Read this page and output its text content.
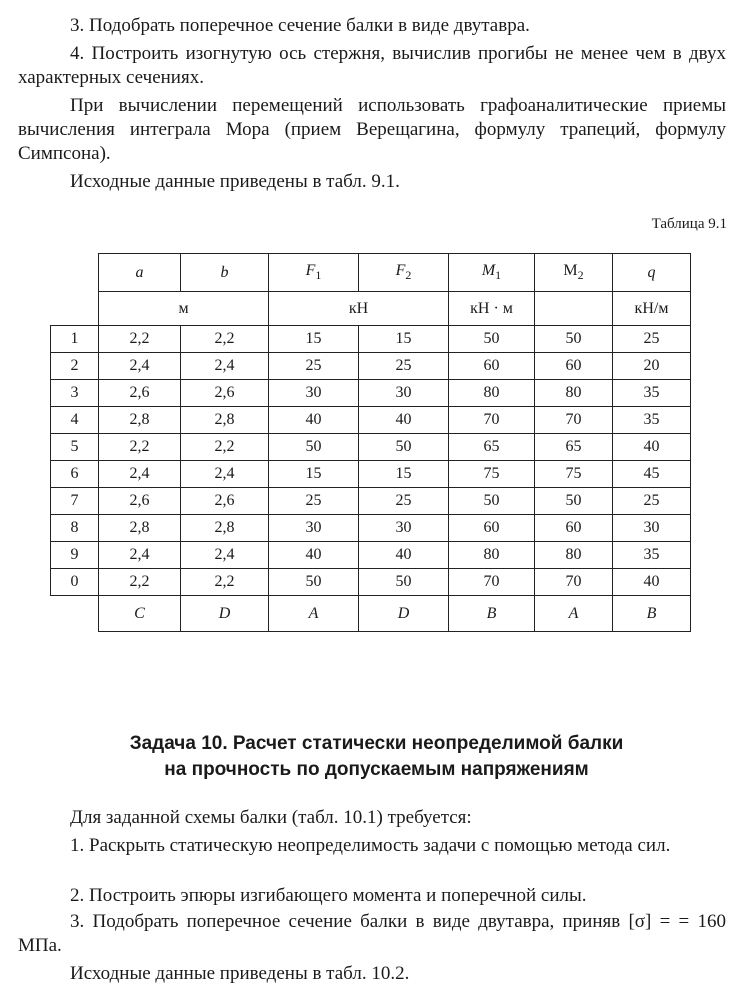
3. Подобрать поперечное сечение балки в виде двутавра.

4. Построить изогнутую ось стержня, вычислив прогибы не менее чем в двух характерных сечениях.

При вычислении перемещений использовать графоаналитические приемы вычисления интеграла Мора (прием Верещагина, формулу трапеций, формулу Симпсона).

Исходные данные приведены в табл. 9.1.

Таблица 9.1

	a	b	$F_1$	$F_2$	$M_1$	$M_2$	q
	м		кН		кН · м		кН/м
1	2,2	2,2	15	15	50	50	25
2	2,4	2,4	25	25	60	60	20
3	2,6	2,6	30	30	80	80	35
4	2,8	2,8	40	40	70	70	35
5	2,2	2,2	50	50	65	65	40
6	2,4	2,4	15	15	75	75	45
7	2,6	2,6	25	25	50	50	25
8	2,8	2,8	30	30	60	60	30
9	2,4	2,4	40	40	80	80	35
0	2,2	2,2	50	50	70	70	40
	C	D	A	D	B	A	B
Задача 10. Расчет статически неопределимой балки
на прочность по допускаемым напряжениям

Для заданной схемы балки (табл. 10.1) требуется:

1. Раскрыть статическую неопределимость задачи с помощью метода сил.

2. Построить эпюры изгибающего момента и поперечной силы.

3. Подобрать поперечное сечение балки в виде двутавра, приняв [σ] = = 160 МПа.

Исходные данные приведены в табл. 10.2.
